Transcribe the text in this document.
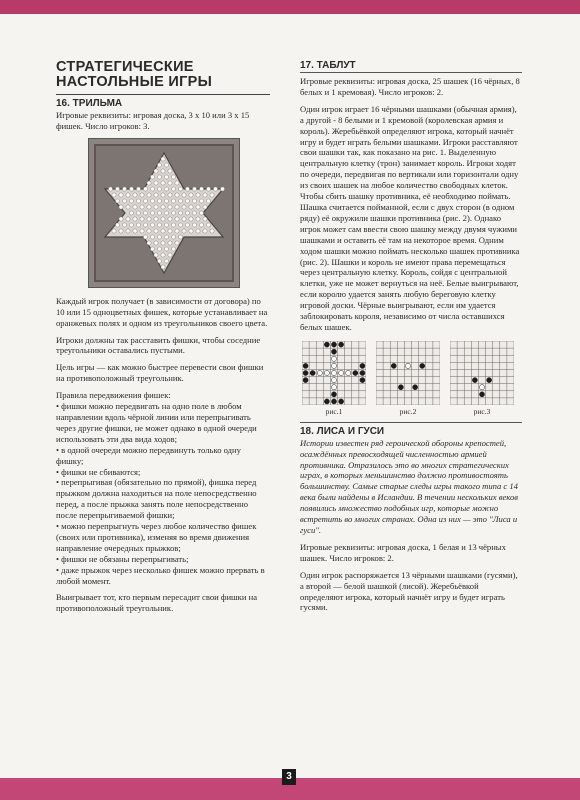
СТРАТЕГИЧЕСКИЕ
НАСТОЛЬНЫЕ ИГРЫ
16. ТРИЛЬМА

Игровые реквизиты: игровая доска, 3 х 10 или 3 х 15 фишек. Число игроков: 3.

Каждый игрок получает (в зависимости от договора) по 10 или 15 одноцветных фишек, которые устанавливает на оранжевых полях и одном из треугольников своего цвета.

Игроки должны так расставить фишки, чтобы соседние треугольники оставались пустыми.

Цель игры — как можно быстрее перевести свои фишки на противоположный треугольник.

Правила передвижения фишек:
• фишки можно передвигать на одно поле в любом направлении вдоль чёрной линии или перепрыгивать через другие фишки, не может однако в одной очереди использовать эти два вида ходов;
• в одной очереди можно передвинуть только одну фишку;
• фишки не сбиваются;
• перепрыгивая (обязательно по прямой), фишка перед прыжком должна находиться на поле непосредственно перед, а после прыжка занять поле непосредственно после перепрыгиваемой фишки;
• можно перепрыгнуть через любое количество фишек (своих или противника), изменяя во время движения направление очередных прыжков;
• фишки не обязаны перепрыгивать;
• даже прыжок через несколько фишек можно прервать в любой момент.

Выигрывает тот, кто первым пересадит свои фишки на противоположный треугольник.

17. ТАБЛУТ

Игровые реквизиты: игровая доска, 25 шашек (16 чёрных, 8 белых и 1 кремовая). Число игроков: 2.

Один игрок играет 16 чёрными шашками (обычная армия), а другой - 8 белыми и 1 кремовой (королевская армия и король). Жеребьёвкой определяют игрока, который начнёт игру и будет играть белыми шашками. Игроки расставляют свои шашки так, как показано на рис. 1. Выделенную центральную клетку (трон) занимает король. Игроки ходят по очереди, передвигая по вертикали или горизонтали одну из своих шашек на любое количество свободных клеток. Чтобы сбить шашку противника, её необходимо поймать. Шашка считается пойманной, если с двух сторон (в одном ряду) её окружили шашки противника (рис. 2). Однако игрок может сам ввести свою шашку между двумя чужими шашками и оставить её там на некоторое время. Одним ходом шашки можно поймать несколько шашек противника (рис. 2). Шашки и король не имеют права перемещаться через центральную клетку. Король, сойдя с центральной клетки, уже не может вернуться на неё. Белые выигрывают, если королю удается занять любую береговую клетку игровой доски. Чёрные выигрывают, если им удается заблокировать короля, независимо от числа оставшихся белых шашек.

рис.1	рис.2	рис.3
18. ЛИСА И ГУСИ

Истории известен ряд героической обороны крепостей, осаждённых превосходящей численностью армией противника. Отразилось это во многих стратегических играх, в которых меньшинство должно противостоять большинству. Самые старые следы игры такого типа с 14 века были найдены в Исландии. В течении нескольких веков появились множество подобных игр, которые можно встретить во многих странах. Одна из них — это "Лиса и гуси".

Игровые реквизиты: игровая доска, 1 белая и 13 чёрных шашек. Число игроков: 2.

Один игрок распоряжается 13 чёрными шашками (гусями), а второй — белой шашкой (лисой). Жеребьёвкой определяют игрока, который начнёт игру и будет играть гусями.

3
